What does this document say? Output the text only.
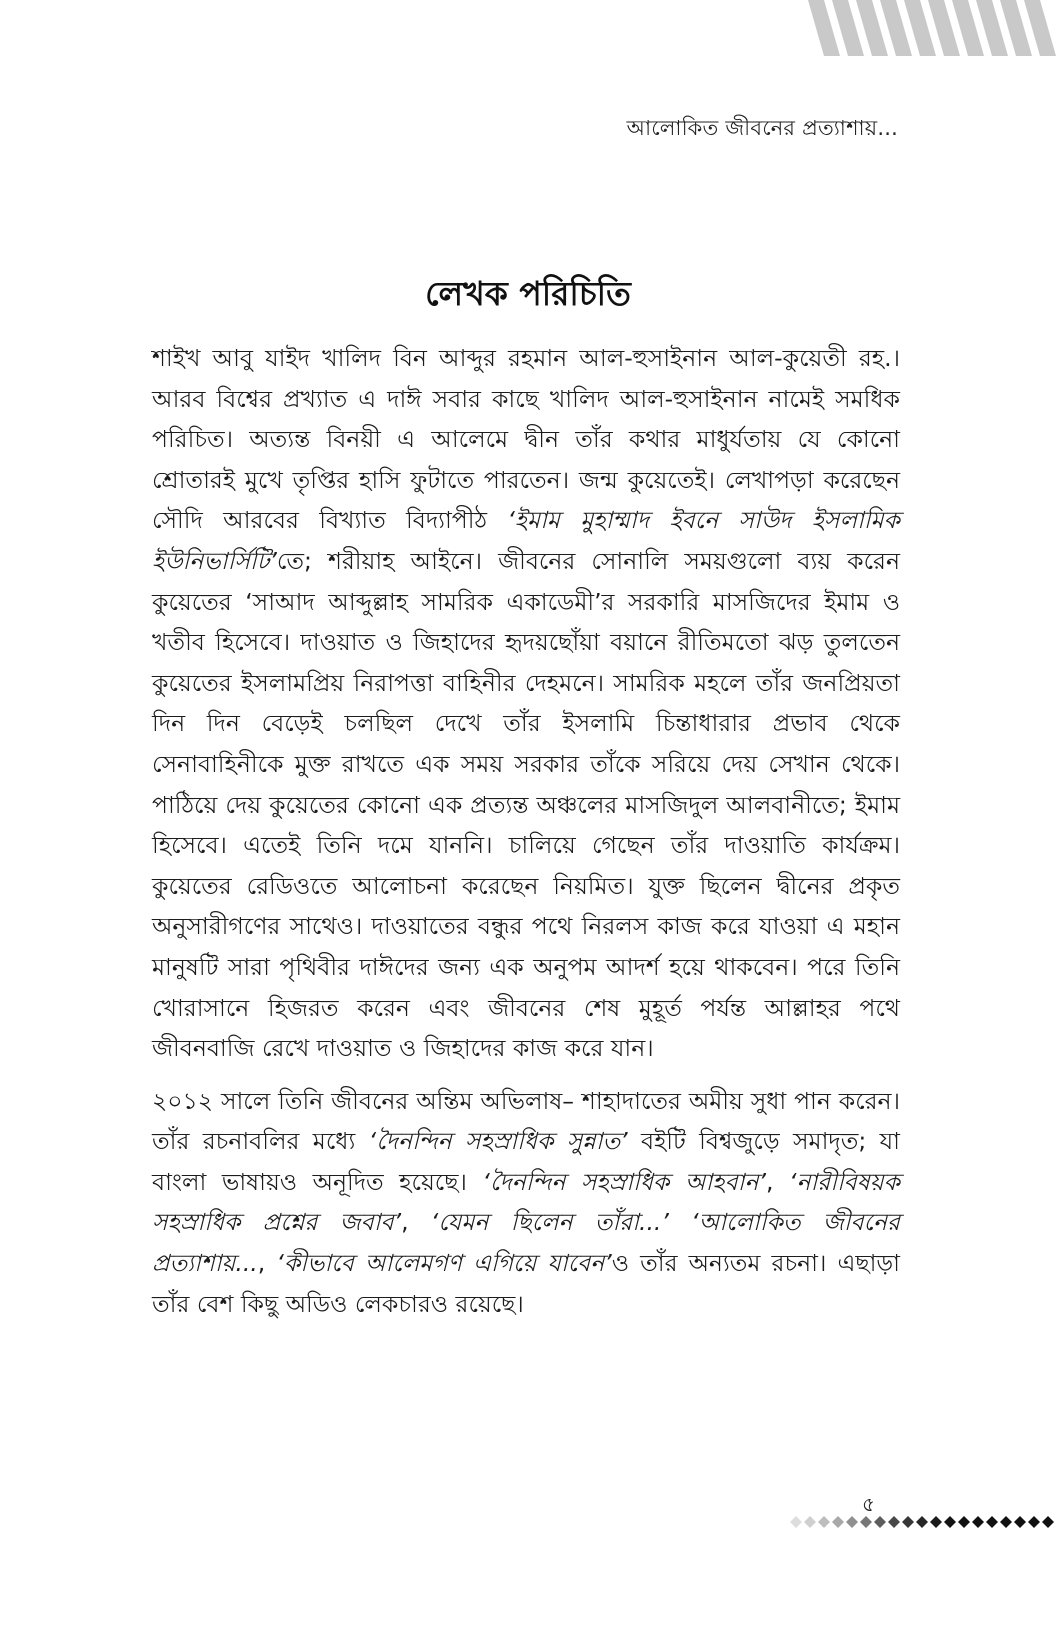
আলোকিত জীবনের প্রত্যাশায়...
লেখক পরিচিতি

শাইখ আবু যাইদ খালিদ বিন আব্দুর রহমান আল-হুসাইনান আল-কুয়েতী রহ.। আরব বিশ্বের প্রখ্যাত এ দাঈ সবার কাছে খালিদ আল-হুসাইনান নামেই সমধিক পরিচিত। অত্যন্ত বিনয়ী এ আলেমে দ্বীন তাঁর কথার মাধুর্যতায় যে কোনো শ্রোতারই মুখে তৃপ্তির হাসি ফুটাতে পারতেন। জন্ম কুয়েতেই। লেখাপড়া করেছেন সৌদি আরবের বিখ্যাত বিদ্যাপীঠ ‘ইমাম মুহাম্মাদ ইবনে সাউদ ইসলামিক ইউনিভার্সিটি’তে; শরীয়াহ আইনে। জীবনের সোনালি সময়গুলো ব্যয় করেন কুয়েতের ‘সাআদ আব্দুল্লাহ সামরিক একাডেমী’র সরকারি মাসজিদের ইমাম ও খতীব হিসেবে। দাওয়াত ও জিহাদের হৃদয়ছোঁয়া বয়ানে রীতিমতো ঝড় তুলতেন কুয়েতের ইসলামপ্রিয় নিরাপত্তা বাহিনীর দেহমনে। সামরিক মহলে তাঁর জনপ্রিয়তা দিন দিন বেড়েই চলছিল দেখে তাঁর ইসলামি চিন্তাধারার প্রভাব থেকে সেনাবাহিনীকে মুক্ত রাখতে এক সময় সরকার তাঁকে সরিয়ে দেয় সেখান থেকে। পাঠিয়ে দেয় কুয়েতের কোনো এক প্রত্যন্ত অঞ্চলের মাসজিদুল আলবানীতে; ইমাম হিসেবে। এতেই তিনি দমে যাননি। চালিয়ে গেছেন তাঁর দাওয়াতি কার্যক্রম। কুয়েতের রেডিওতে আলোচনা করেছেন নিয়মিত। যুক্ত ছিলেন দ্বীনের প্রকৃত অনুসারীগণের সাথেও। দাওয়াতের বন্ধুর পথে নিরলস কাজ করে যাওয়া এ মহান মানুষটি সারা পৃথিবীর দাঈদের জন্য এক অনুপম আদর্শ হয়ে থাকবেন। পরে তিনি খোরাসানে হিজরত করেন এবং জীবনের শেষ মুহূর্ত পর্যন্ত আল্লাহর পথে জীবনবাজি রেখে দাওয়াত ও জিহাদের কাজ করে যান।

২০১২ সালে তিনি জীবনের অন্তিম অভিলাষ– শাহাদাতের অমীয় সুধা পান করেন। তাঁর রচনাবলির মধ্যে ‘দৈনন্দিন সহস্রাধিক সুন্নাত’ বইটি বিশ্বজুড়ে সমাদৃত; যা বাংলা ভাষায়ও অনূদিত হয়েছে। ‘দৈনন্দিন সহস্রাধিক আহবান’, ‘নারীবিষয়ক সহস্রাধিক প্রশ্নের জবাব’, ‘যেমন ছিলেন তাঁরা...’ ‘আলোকিত জীবনের প্রত্যাশায়..., ‘কীভাবে আলেমগণ এগিয়ে যাবেন’ও তাঁর অন্যতম রচনা। এছাড়া তাঁর বেশ কিছু অডিও লেকচারও রয়েছে।

৫
